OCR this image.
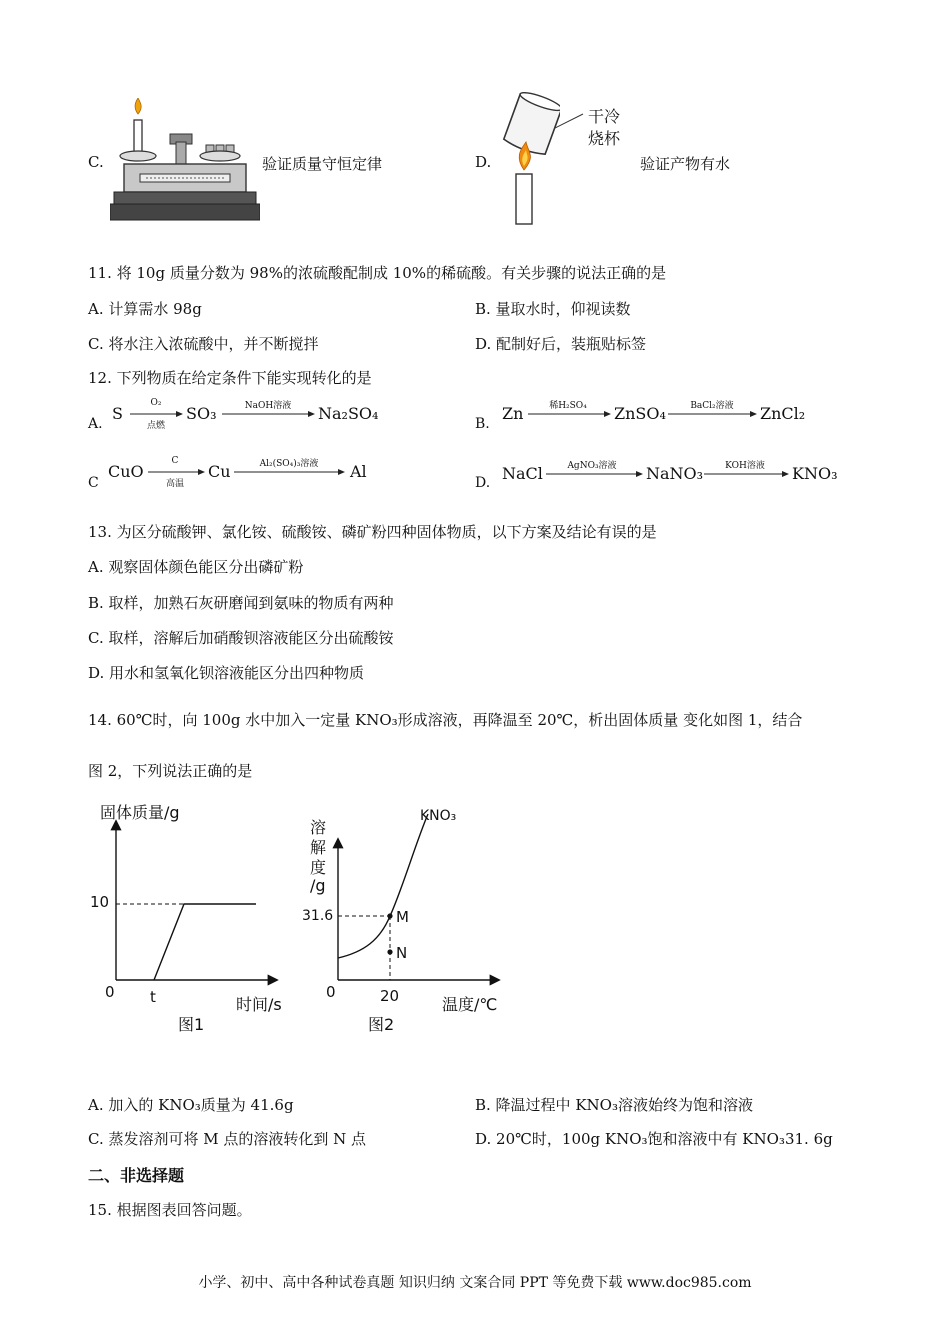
C.	验证质量守恒定律	D.
干冷
烧杯
验证产物有水
11. 将 10g 质量分数为 98%的浓硫酸配制成 10%的稀硫酸。有关步骤的说法正确的是
A. 计算需水 98g	B. 量取水时，仰视读数
C. 将水注入浓硫酸中，并不断搅拌	D. 配制好后，装瓶贴标签
12. 下列物质在给定条件下能实现转化的是
A.
S
O₂
点燃
SO₃	NaOH溶液	Na₂SO₄
B.
Zn	稀H₂SO₄	ZnSO₄	BaCl₂溶液	ZnCl₂
C
CuO
C
高温
Cu	Al₂(SO₄)₃溶液	Al
D. NaCl	AgNO₃溶液	NaNO₃	KOH溶液	KNO₃
13. 为区分硫酸钾、氯化铵、硫酸铵、磷矿粉四种固体物质，以下方案及结论有误的是
A. 观察固体颜色能区分出磷矿粉
B. 取样，加熟石灰研磨闻到氨味的物质有两种
C. 取样，溶解后加硝酸钡溶液能区分出硫酸铵
D. 用水和氢氧化钡溶液能区分出四种物质
14. 60℃时，向 100g 水中加入一定量 KNO₃形成溶液，再降温至 20℃，析出固体质量 变化如图 1，结合
图 2，下列说法正确的是
固体质量/g
10
0 t	时间/s
图1
溶
解
度
/g
KNO₃
31.6	M
N
0	20	温度/℃
图2
A. 加入的 KNO₃质量为 41.6g	B. 降温过程中 KNO₃溶液始终为饱和溶液
C. 蒸发溶剂可将 M 点的溶液转化到 N 点	D. 20℃时，100g KNO₃饱和溶液中有 KNO₃31. 6g
二、非选择题
15. 根据图表回答问题。
小学、初中、高中各种试卷真题 知识归纳 文案合同 PPT 等免费下载 www.doc985.com
